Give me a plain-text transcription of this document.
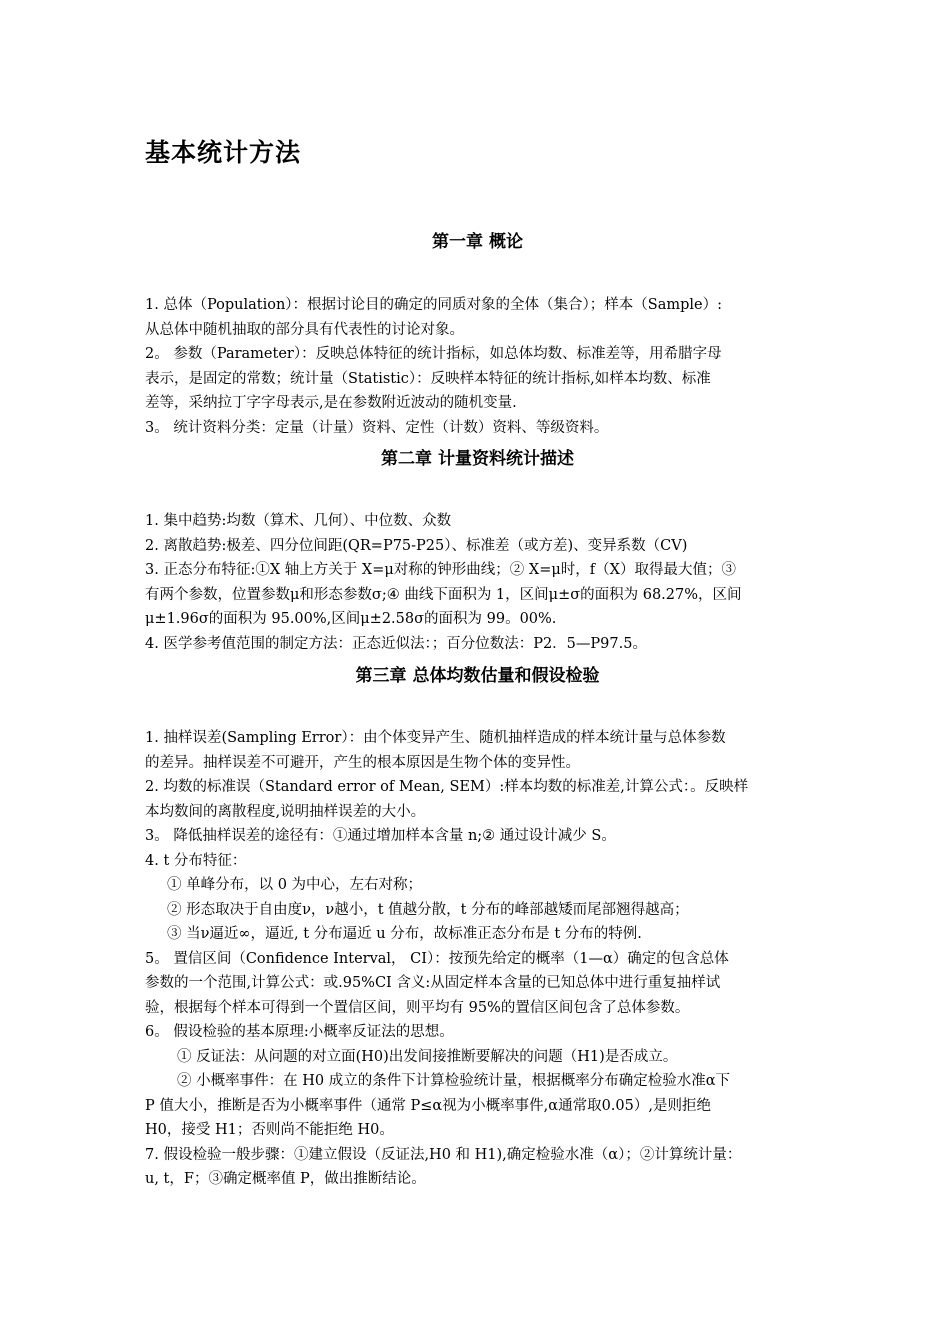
基本统计方法
第一章 概论

1. 总体（Population）：根据讨论目的确定的同质对象的全体（集合）；样本（Sample）:

从总体中随机抽取的部分具有代表性的讨论对象。

2。 参数（Parameter）：反映总体特征的统计指标，如总体均数、标准差等，用希腊字母

表示，是固定的常数；统计量（Statistic）：反映样本特征的统计指标,如样本均数、标准

差等，采纳拉丁字字母表示,是在参数附近波动的随机变量.

3。 统计资料分类：定量（计量）资料、定性（计数）资料、等级资料。

第二章 计量资料统计描述

1. 集中趋势:均数（算术、几何）、中位数、众数

2. 离散趋势:极差、四分位间距(QR=P75-P25）、标准差（或方差)、变异系数（CV)

3. 正态分布特征:①X 轴上方关于 X=μ对称的钟形曲线；② X=μ时，f（X）取得最大值；③

有两个参数，位置参数μ和形态参数σ;④ 曲线下面积为 1，区间μ±σ的面积为 68.27%，区间

μ±1.96σ的面积为 95.00%,区间μ±2.58σ的面积为 99。00%.

4. 医学参考值范围的制定方法：正态近似法：；百分位数法：P2．5—P97.5。

第三章 总体均数估量和假设检验

1. 抽样误差(Sampling Error）：由个体变异产生、随机抽样造成的样本统计量与总体参数

的差异。抽样误差不可避开，产生的根本原因是生物个体的变异性。

2. 均数的标准误（Standard error of Mean, SEM）:样本均数的标准差,计算公式：。反映样

本均数间的离散程度,说明抽样误差的大小。

3。 降低抽样误差的途径有：①通过增加样本含量 n;② 通过设计减少 S。

4. t 分布特征：

① 单峰分布，以 0 为中心，左右对称；

② 形态取决于自由度ν，ν越小，t 值越分散，t 分布的峰部越矮而尾部翘得越高；

③ 当ν逼近∞，逼近, t 分布逼近 u 分布，故标准正态分布是 t 分布的特例.

5。 置信区间（Confidence Interval， CI）：按预先给定的概率（1—α）确定的包含总体

参数的一个范围,计算公式：或.95%CI 含义:从固定样本含量的已知总体中进行重复抽样试

验，根据每个样本可得到一个置信区间，则平均有 95%的置信区间包含了总体参数。

6。 假设检验的基本原理:小概率反证法的思想。

① 反证法：从问题的对立面(H0)出发间接推断要解决的问题（H1)是否成立。

② 小概率事件：在 H0 成立的条件下计算检验统计量，根据概率分布确定检验水准α下

P 值大小，推断是否为小概率事件（通常 P≤α视为小概率事件,α通常取0.05）,是则拒绝

H0，接受 H1；否则尚不能拒绝 H0。

7. 假设检验一般步骤：①建立假设（反证法,H0 和 H1),确定检验水准（α）；②计算统计量：

u, t，F；③确定概率值 P，做出推断结论。
